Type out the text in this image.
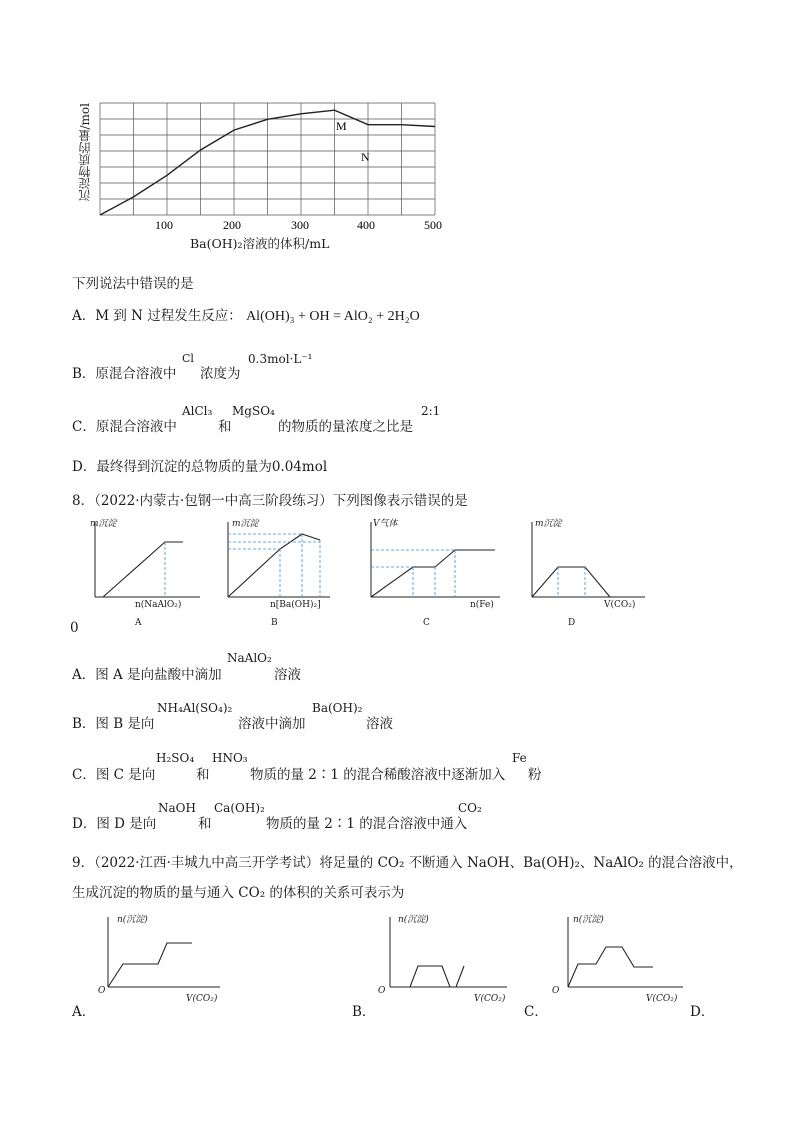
M
N
100	200	300	400	500
沉淀物质的量/mol
Ba(OH)₂溶液的体积/mL
下列说法中错误的是
A．M 到 N 过程发生反应： Al(OH)₃ + OH = AlO₂ + 2H₂O
B．原混合溶液中
Cl
浓度为
0.3mol·L⁻¹
C．原混合溶液中
AlCl₃
和
MgSO₄
的物质的量浓度之比是
2:1
D．最终得到沉淀的总物质的量为0.04mol
8．（2022·内蒙古·包钢一中高三阶段练习）下列图像表示错误的是
m沉淀
n(NaAlO₂)
A
m沉淀
n[Ba(OH)₂]
B
V气体
n(Fe)
C
m沉淀
V(CO₂)
D
0
A．图 A 是向盐酸中滴加
NaAlO₂
溶液
B．图 B 是向
NH₄Al(SO₄)₂
溶液中滴加
Ba(OH)₂
溶液
C．图 C 是向
H₂SO₄
和
HNO₃
物质的量 2∶1 的混合稀酸溶液中逐渐加入
Fe
粉
D．图 D 是向
NaOH
和
Ca(OH)₂
物质的量 2∶1 的混合溶液中通入
CO₂
9．（2022·江西·丰城九中高三开学考试）将足量的 CO₂ 不断通入 NaOH、Ba(OH)₂、NaAlO₂ 的混合溶液中，
生成沉淀的物质的量与通入 CO₂ 的体积的关系可表示为
n(沉淀)
O
V(CO₂)
A．
n(沉淀)
O
V(CO₂)
B．
n(沉淀)
O
V(CO₂)
C．	D．
